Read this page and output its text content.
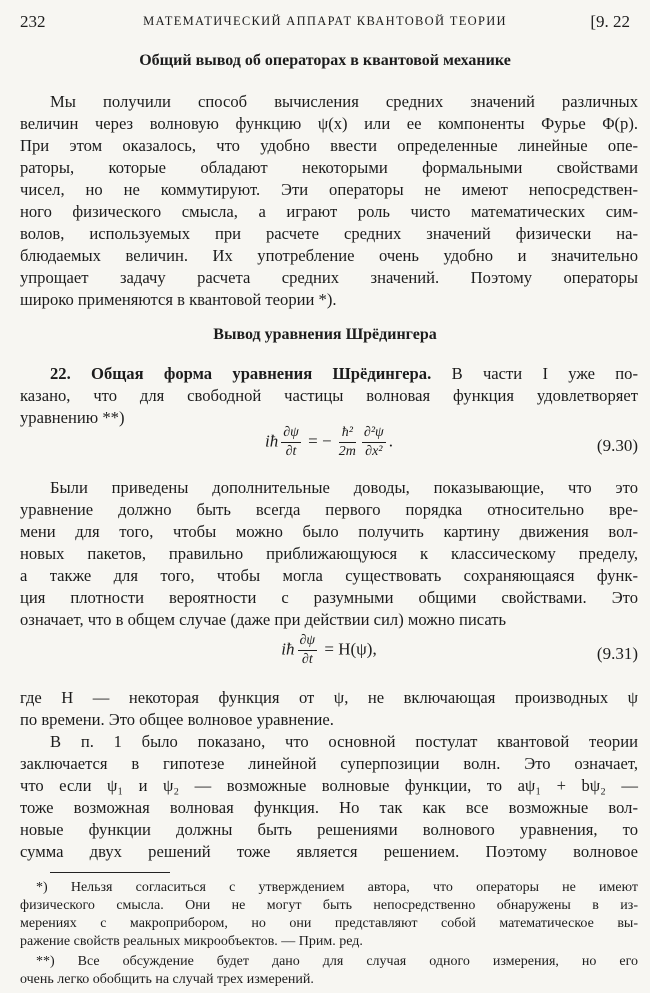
232	МАТЕМАТИЧЕСКИЙ АППАРАТ КВАНТОВОЙ ТЕОРИИ	[9. 22
Общий вывод об операторах в квантовой механике
Мы получили способ вычисления средних значений различных
величин через волновую функцию ψ(x) или ее компоненты Фурье Φ(p).
При этом оказалось, что удобно ввести определенные линейные опе-
раторы, которые обладают некоторыми формальными свойствами
чисел, но не коммутируют. Эти операторы не имеют непосредствен-
ного физического смысла, а играют роль чисто математических сим-
волов, используемых при расчете средних значений физически на-
блюдаемых величин. Их употребление очень удобно и значительно
упрощает задачу расчета средних значений. Поэтому операторы
широко применяются в квантовой теории *).
Вывод уравнения Шрёдингера
22. Общая форма уравнения Шрёдингера. В части I уже по-
казано, что для свободной частицы волновая функция удовлетворяет
уравнению **)
iħ $\frac{\partial\psi}{\partial t}$ = − $\frac{\text{ħ²}}{2m} \frac{\text{∂²ψ}}{\text{∂x²}}$ .	(9.30)
Были приведены дополнительные доводы, показывающие, что это
уравнение должно быть всегда первого порядка относительно вре-
мени для того, чтобы можно было получить картину движения вол-
новых пакетов, правильно приближающуюся к классическому пределу,
а также для того, чтобы могла существовать сохраняющаяся функ-
ция плотности вероятности с разумными общими свойствами. Это
означает, что в общем случае (даже при действии сил) можно писать
iħ $\frac{\partial\psi}{\partial t} = H(\psi)$,	(9.31)
где H — некоторая функция от ψ, не включающая производных ψ
по времени. Это общее волновое уравнение.
В п. 1 было показано, что основной постулат квантовой теории
заключается в гипотезе линейной суперпозиции волн. Это означает,
что если ψ₁ и ψ₂ — возможные волновые функции, то aψ₁ + bψ₂ —
тоже возможная волновая функция. Но так как все возможные вол-
новые функции должны быть решениями волнового уравнения, то
сумма двух решений тоже является решением. Поэтому волновое
*) Нельзя согласиться с утверждением автора, что операторы не имеют
физического смысла. Они не могут быть непосредственно обнаружены в из-
мерениях с макроприбором, но они представляют собой математическое вы-
ражение свойств реальных микрообъектов. — Прим. ред.
**) Все обсуждение будет дано для случая одного измерения, но его
очень легко обобщить на случай трех измерений.
